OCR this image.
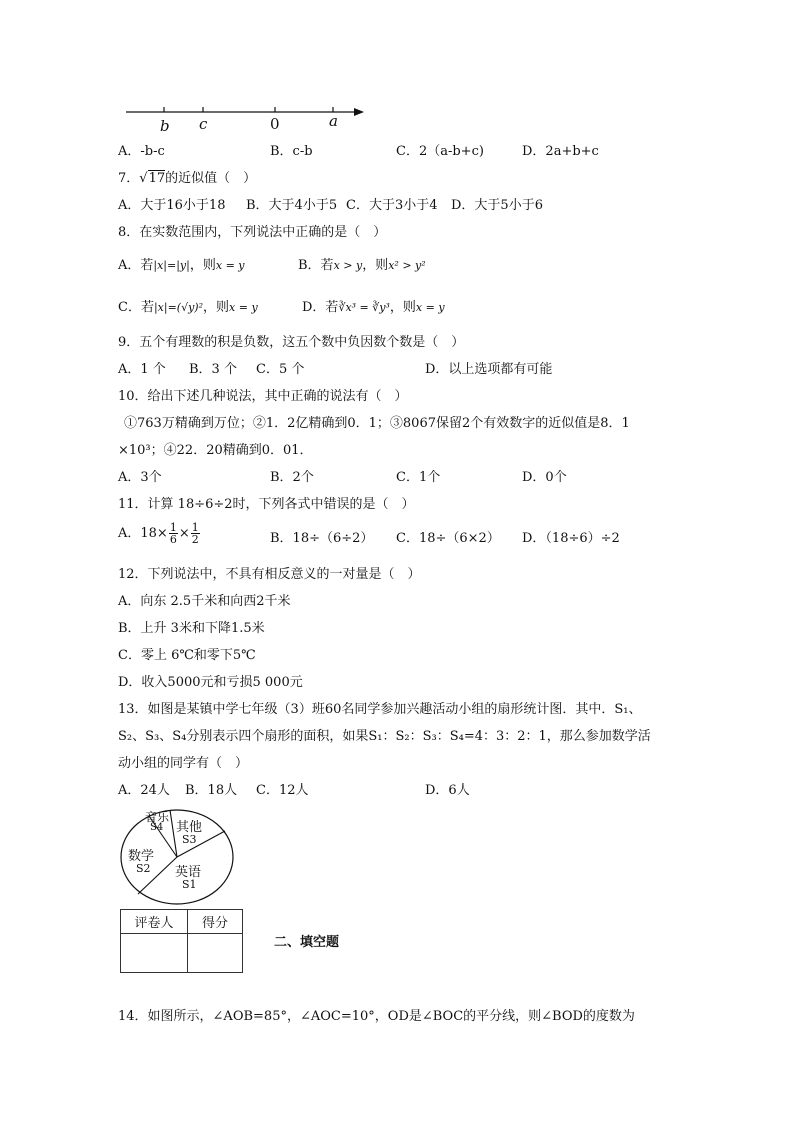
b c	0	a
A．-b-c	B．c-b	C．2（a-b+c)	D．2a+b+c
7．√17的近似值（　）
A．大于16小于18 B．大于4小于5 C．大于3小于4 D．大于5小于6
8．在实数范围内，下列说法中正确的是（　）
A．若|x|=|y|，则x = y	B．若x > y，则x² > y²
C．若|x|=(√y)²，则x = y	D．若∛x³ = ∛y³，则x = y
9．五个有理数的积是负数，这五个数中负因数个数是（　）
A．1 个 B．3 个 C．5 个	D．以上选项都有可能
10．给出下述几种说法，其中正确的说法有（　）
①763万精确到万位；②1．2亿精确到0．1；③8067保留2个有效数字的近似值是8．1
×10³；④22．20精确到0．01．
A．3个	B．2个	C．1个	D．0个
11．计算 18÷6÷2时，下列各式中错误的是（　）
A．$18\times \frac{1}{6} \times \frac{1}{2}$	B．18÷（6÷2） C．18÷（6×2） D．（18÷6）÷2
12．下列说法中，不具有相反意义的一对量是（　）
A．向东 2.5千米和向西2千米
B．上升 3米和下降1.5米
C．零上 6℃和零下5℃
D．收入5000元和亏损5 000元
13．如图是某镇中学七年级（3）班60名同学参加兴趣活动小组的扇形统计图．其中．S₁、
S₂、S₃、S₄分别表示四个扇形的面积，如果S₁：S₂：S₃：S₄=4：3：2：1，那么参加数学活
动小组的同学有（　）
A．24人 B．18人 C．12人	D．6人
音乐
S4 其他
S3
数学
S2 英语
S1
评卷人	得分

二、填空题
14．如图所示，∠AOB=85°，∠AOC=10°，OD是∠BOC的平分线，则∠BOD的度数为
